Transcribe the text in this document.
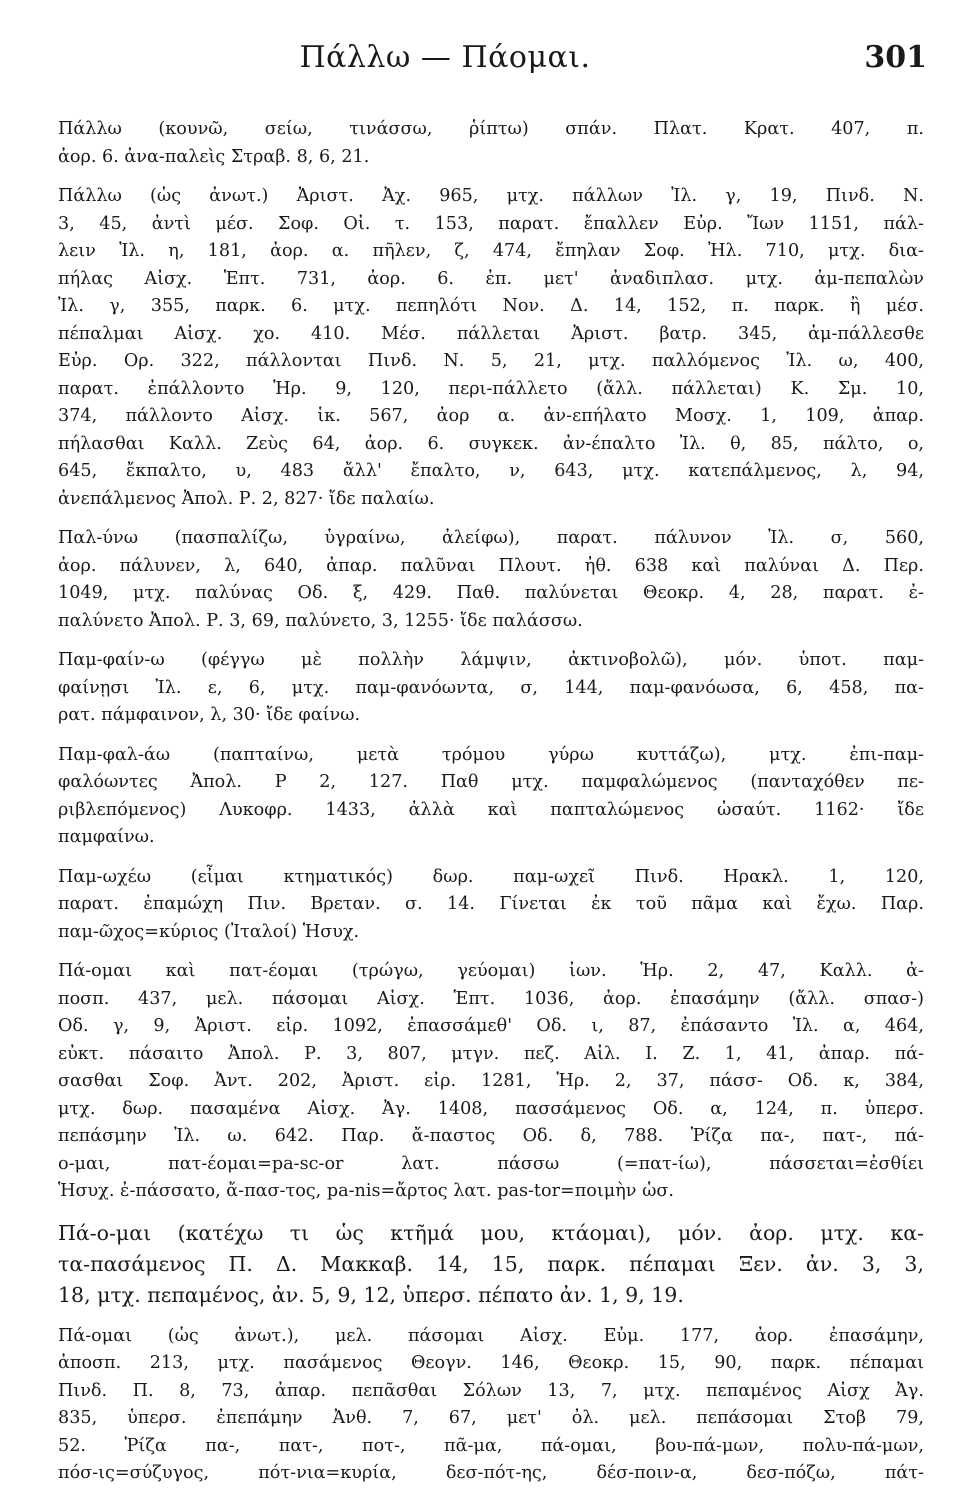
Πάλλω — Πάομαι.	301
Πάλλω (κουνῶ, σείω, τινάσσω, ῥίπτω) σπάν. Πλατ. Κρατ. 407, π.
ἀορ. 6. ἀνα-παλεὶς Στραβ. 8, 6, 21.
Πάλλω (ὡς ἀνωτ.) Ἀριστ. Ἀχ. 965, μτχ. πάλλων Ἰλ. γ, 19, Πινδ. Ν.
3, 45, ἀντὶ μέσ. Σοφ. Οἰ. τ. 153, παρατ. ἔπαλλεν Εὐρ. Ἴων 1151, πάλ-
λειν Ἰλ. η, 181, ἀορ. α. πῆλεν, ζ, 474, ἔπηλαν Σοφ. Ἠλ. 710, μτχ. δια-
πήλας Αἰσχ. Ἑπτ. 731, ἀορ. 6. ἐπ. μετ' ἀναδιπλασ. μτχ. ἀμ-πεπαλὼν
Ἰλ. γ, 355, παρκ. 6. μτχ. πεπηλότι Νον. Δ. 14, 152, π. παρκ. ἢ μέσ.
πέπαλμαι Αἰσχ. χο. 410. Μέσ. πάλλεται Ἀριστ. βατρ. 345, ἀμ-πάλλεσθε
Εὐρ. Ορ. 322, πάλλονται Πινδ. Ν. 5, 21, μτχ. παλλόμενος Ἰλ. ω, 400,
παρατ. ἐπάλλοντο Ἡρ. 9, 120, περι-πάλλετο (ἄλλ. πάλλεται) Κ. Σμ. 10,
374, πάλλοντο Αἰσχ. ἱκ. 567, ἀορ α. ἀν-επήλατο Μοσχ. 1, 109, ἀπαρ.
πήλασθαι Καλλ. Ζεὺς 64, ἀορ. 6. συγκεκ. ἀν-έπαλτο Ἰλ. θ, 85, πάλτο, ο,
645, ἔκπαλτο, υ, 483 ἄλλ' ἔπαλτο, ν, 643, μτχ. κατεπάλμενος, λ, 94,
ἀνεπάλμενος Ἀπολ. Ρ. 2, 827· ἴδε παλαίω.
Παλ-ύνω (πασπαλίζω, ὑγραίνω, ἀλείφω), παρατ. πάλυνον Ἰλ. σ, 560,
ἀορ. πάλυνεν, λ, 640, ἀπαρ. παλῦναι Πλουτ. ἠθ. 638 καὶ παλύναι Δ. Περ.
1049, μτχ. παλύνας Οδ. ξ, 429. Παθ. παλύνεται Θεοκρ. 4, 28, παρατ. ἐ-
παλύνετο Ἀπολ. Ρ. 3, 69, παλύνετο, 3, 1255· ἴδε παλάσσω.
Παμ-φαίν-ω (φέγγω μὲ πολλὴν λάμψιν, ἀκτινοβολῶ), μόν. ὑποτ. παμ-
φαίνῃσι Ἰλ. ε, 6, μτχ. παμ-φανόωντα, σ, 144, παμ-φανόωσα, 6, 458, πα-
ρατ. πάμφαινον, λ, 30· ἴδε φαίνω.
Παμ-φαλ-άω (παπταίνω, μετὰ τρόμου γύρω κυττάζω), μτχ. ἐπι-παμ-
φαλόωντες Ἀπολ. Ρ 2, 127. Παθ μτχ. παμφαλώμενος (πανταχόθεν πε-
ριβλεπόμενος) Λυκοφρ. 1433, ἀλλὰ καὶ παπταλώμενος ὡσαύτ. 1162· ἴδε
παμφαίνω.
Παμ-ωχέω (εἶμαι κτηματικός) δωρ. παμ-ωχεῖ Πινδ. Ηρακλ. 1, 120,
παρατ. ἐπαμώχη Πιν. Βρεταν. σ. 14. Γίνεται ἐκ τοῦ πᾶμα καὶ ἔχω. Παρ.
παμ-ῶχος=κύριος (Ἰταλοί) Ἡσυχ.
Πά-ομαι καὶ πατ-έομαι (τρώγω, γεύομαι) ἰων. Ἡρ. 2, 47, Καλλ. ἀ-
ποσπ. 437, μελ. πάσομαι Αἰσχ. Ἑπτ. 1036, ἀορ. ἐπασάμην (ἄλλ. σπασ-)
Οδ. γ, 9, Ἀριστ. εἰρ. 1092, ἐπασσάμεθ' Οδ. ι, 87, ἐπάσαντο Ἰλ. α, 464,
εὐκτ. πάσαιτο Ἀπολ. Ρ. 3, 807, μτγν. πεζ. Αἰλ. Ι. Ζ. 1, 41, ἀπαρ. πά-
σασθαι Σοφ. Ἀντ. 202, Ἀριστ. εἰρ. 1281, Ἡρ. 2, 37, πάσσ- Οδ. κ, 384,
μτχ. δωρ. πασαμένα Αἰσχ. Ἀγ. 1408, πασσάμενος Οδ. α, 124, π. ὑπερσ.
πεπάσμην Ἰλ. ω. 642. Παρ. ἄ-παστος Οδ. δ, 788. Ῥίζα πα-, πατ-, πά-
ο-μαι, πατ-έομαι=pa-sc-or λατ. πάσσω (=πατ-ίω), πάσσεται=ἐσθίει
Ἡσυχ. ἐ-πάσσατο, ἄ-πασ-τος, pa-nis=ἄρτος λατ. pas-tor=ποιμὴν ὡσ.
Πά-ο-μαι (κατέχω τι ὡς κτῆμά μου, κτάομαι), μόν. ἀορ. μτχ. κα-
τα-πασάμενος Π. Δ. Μακκαβ. 14, 15, παρκ. πέπαμαι Ξεν. ἀν. 3, 3,
18, μτχ. πεπαμένος, ἀν. 5, 9, 12, ὑπερσ. πέπατο ἀν. 1, 9, 19.
Πά-ομαι (ὡς ἀνωτ.), μελ. πάσομαι Αἰσχ. Εὐμ. 177, ἀορ. ἐπασάμην,
ἀποσπ. 213, μτχ. πασάμενος Θεογν. 146, Θεοκρ. 15, 90, παρκ. πέπαμαι
Πινδ. Π. 8, 73, ἀπαρ. πεπᾶσθαι Σόλων 13, 7, μτχ. πεπαμένος Αἰσχ Ἀγ.
835, ὑπερσ. ἐπεπάμην Ἀνθ. 7, 67, μετ' ὀλ. μελ. πεπάσομαι Στοβ 79,
52. Ῥίζα πα-, πατ-, ποτ-, πᾶ-μα, πά-ομαι, βου-πά-μων, πολυ-πά-μων,
πόσ-ις=σύζυγος, πότ-νια=κυρία, δεσ-πότ-ης, δέσ-ποιν-α, δεσ-πόζω, πάτ-
